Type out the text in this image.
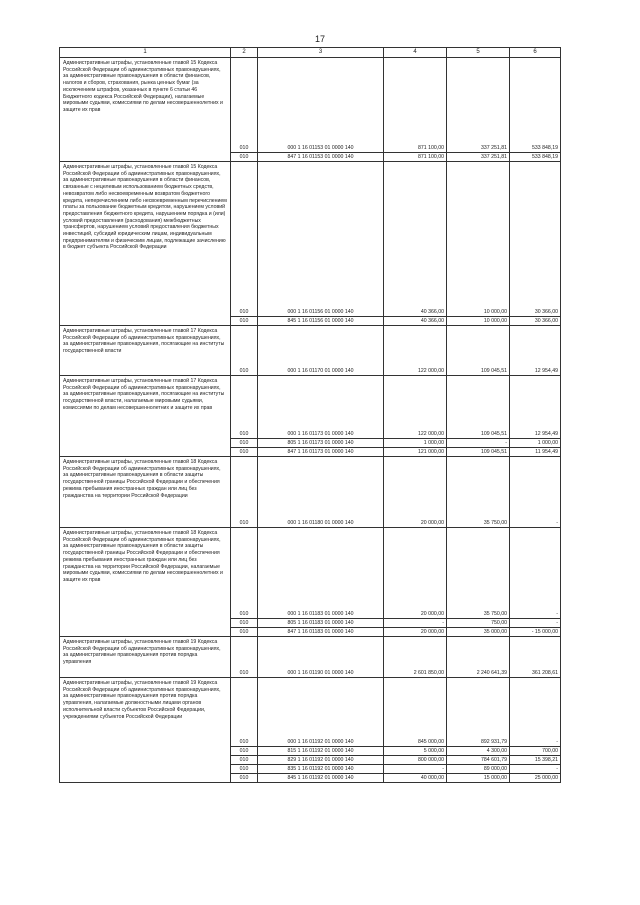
17
1	2	3	4	5	6
Административные штрафы, установленные главой 15 Кодекса Российской Федерации об административных правонарушениях, за административные правонарушения в области финансов, налогов и сборов, страхования, рынка ценных бумаг (за исключением штрафов, указанных в пункте 6 статьи 46 Бюджетного кодекса Российской Федерации), налагаемые мировыми судьями, комиссиями по делам несовершеннолетних и защите их прав	010	000 1 16 01153 01 0000 140	871 100,00	337 251,81	533 848,19
	010	847 1 16 01153 01 0000 140	871 100,00	337 251,81	533 848,19
Административные штрафы, установленные главой 15 Кодекса Российской Федерации об административных правонарушениях, за административные правонарушения в области финансов, связанные с нецелевым использованием бюджетных средств, невозвратом либо несвоевременным возвратом бюджетного кредита, неперечислением либо несвоевременным перечислением платы за пользование бюджетным кредитом, нарушением условий предоставления бюджетного кредита, нарушением порядка и (или) условий предоставления (расходования) межбюджетных трансфертов, нарушением условий предоставления бюджетных инвестиций, субсидий юридическим лицам, индивидуальным предпринимателям и физическим лицам, подлежащие зачислению в бюджет субъекта Российской Федерации	010	000 1 16 01156 01 0000 140	40 366,00	10 000,00	30 366,00
	010	845 1 16 01156 01 0000 140	40 366,00	10 000,00	30 366,00
Административные штрафы, установленные главой 17 Кодекса Российской Федерации об административных правонарушениях, за административные правонарушения, посягающие на институты государственной власти	010	000 1 16 01170 01 0000 140	122 000,00	109 045,51	12 954,49
Административные штрафы, установленные главой 17 Кодекса Российской Федерации об административных правонарушениях, за административные правонарушения, посягающие на институты государственной власти, налагаемые мировыми судьями, комиссиями по делам несовершеннолетних и защите их прав	010	000 1 16 01173 01 0000 140	122 000,00	109 045,51	12 954,49
	010	805 1 16 01173 01 0000 140	1 000,00	-	1 000,00
	010	847 1 16 01173 01 0000 140	121 000,00	109 045,51	11 954,49
Административные штрафы, установленные главой 18 Кодекса Российской Федерации об административных правонарушениях, за административные правонарушения в области защиты государственной границы Российской Федерации и обеспечения режима пребывания иностранных граждан или лиц без гражданства на территории Российской Федерации	010	000 1 16 01180 01 0000 140	20 000,00	35 750,00	-
Административные штрафы, установленные главой 18 Кодекса Российской Федерации об административных правонарушениях, за административные правонарушения в области защиты государственной границы Российской Федерации и обеспечения режима пребывания иностранных граждан или лиц без гражданства на территории Российской Федерации, налагаемые мировыми судьями, комиссиями по делам несовершеннолетних и защите их прав	010	000 1 16 01183 01 0000 140	20 000,00	35 750,00	-
	010	805 1 16 01183 01 0000 140	-	750,00	-
	010	847 1 16 01183 01 0000 140	20 000,00	35 000,00	- 15 000,00
Административные штрафы, установленные главой 19 Кодекса Российской Федерации об административных правонарушениях, за административные правонарушения против порядка управления	010	000 1 16 01190 01 0000 140	2 601 850,00	2 240 641,39	361 208,61
Административные штрафы, установленные главой 19 Кодекса Российской Федерации об административных правонарушениях, за административные правонарушения против порядка управления, налагаемые должностными лицами органов исполнительной власти субъектов Российской Федерации, учреждениями субъектов Российской Федерации	010	000 1 16 01192 01 0000 140	845 000,00	892 931,79	-
	010	815 1 16 01192 01 0000 140	5 000,00	4 300,00	700,00
	010	829 1 16 01192 01 0000 140	800 000,00	784 601,79	15 398,21
	010	835 1 16 01192 01 0000 140	-	89 000,00	-
	010	845 1 16 01192 01 0000 140	40 000,00	15 000,00	25 000,00
